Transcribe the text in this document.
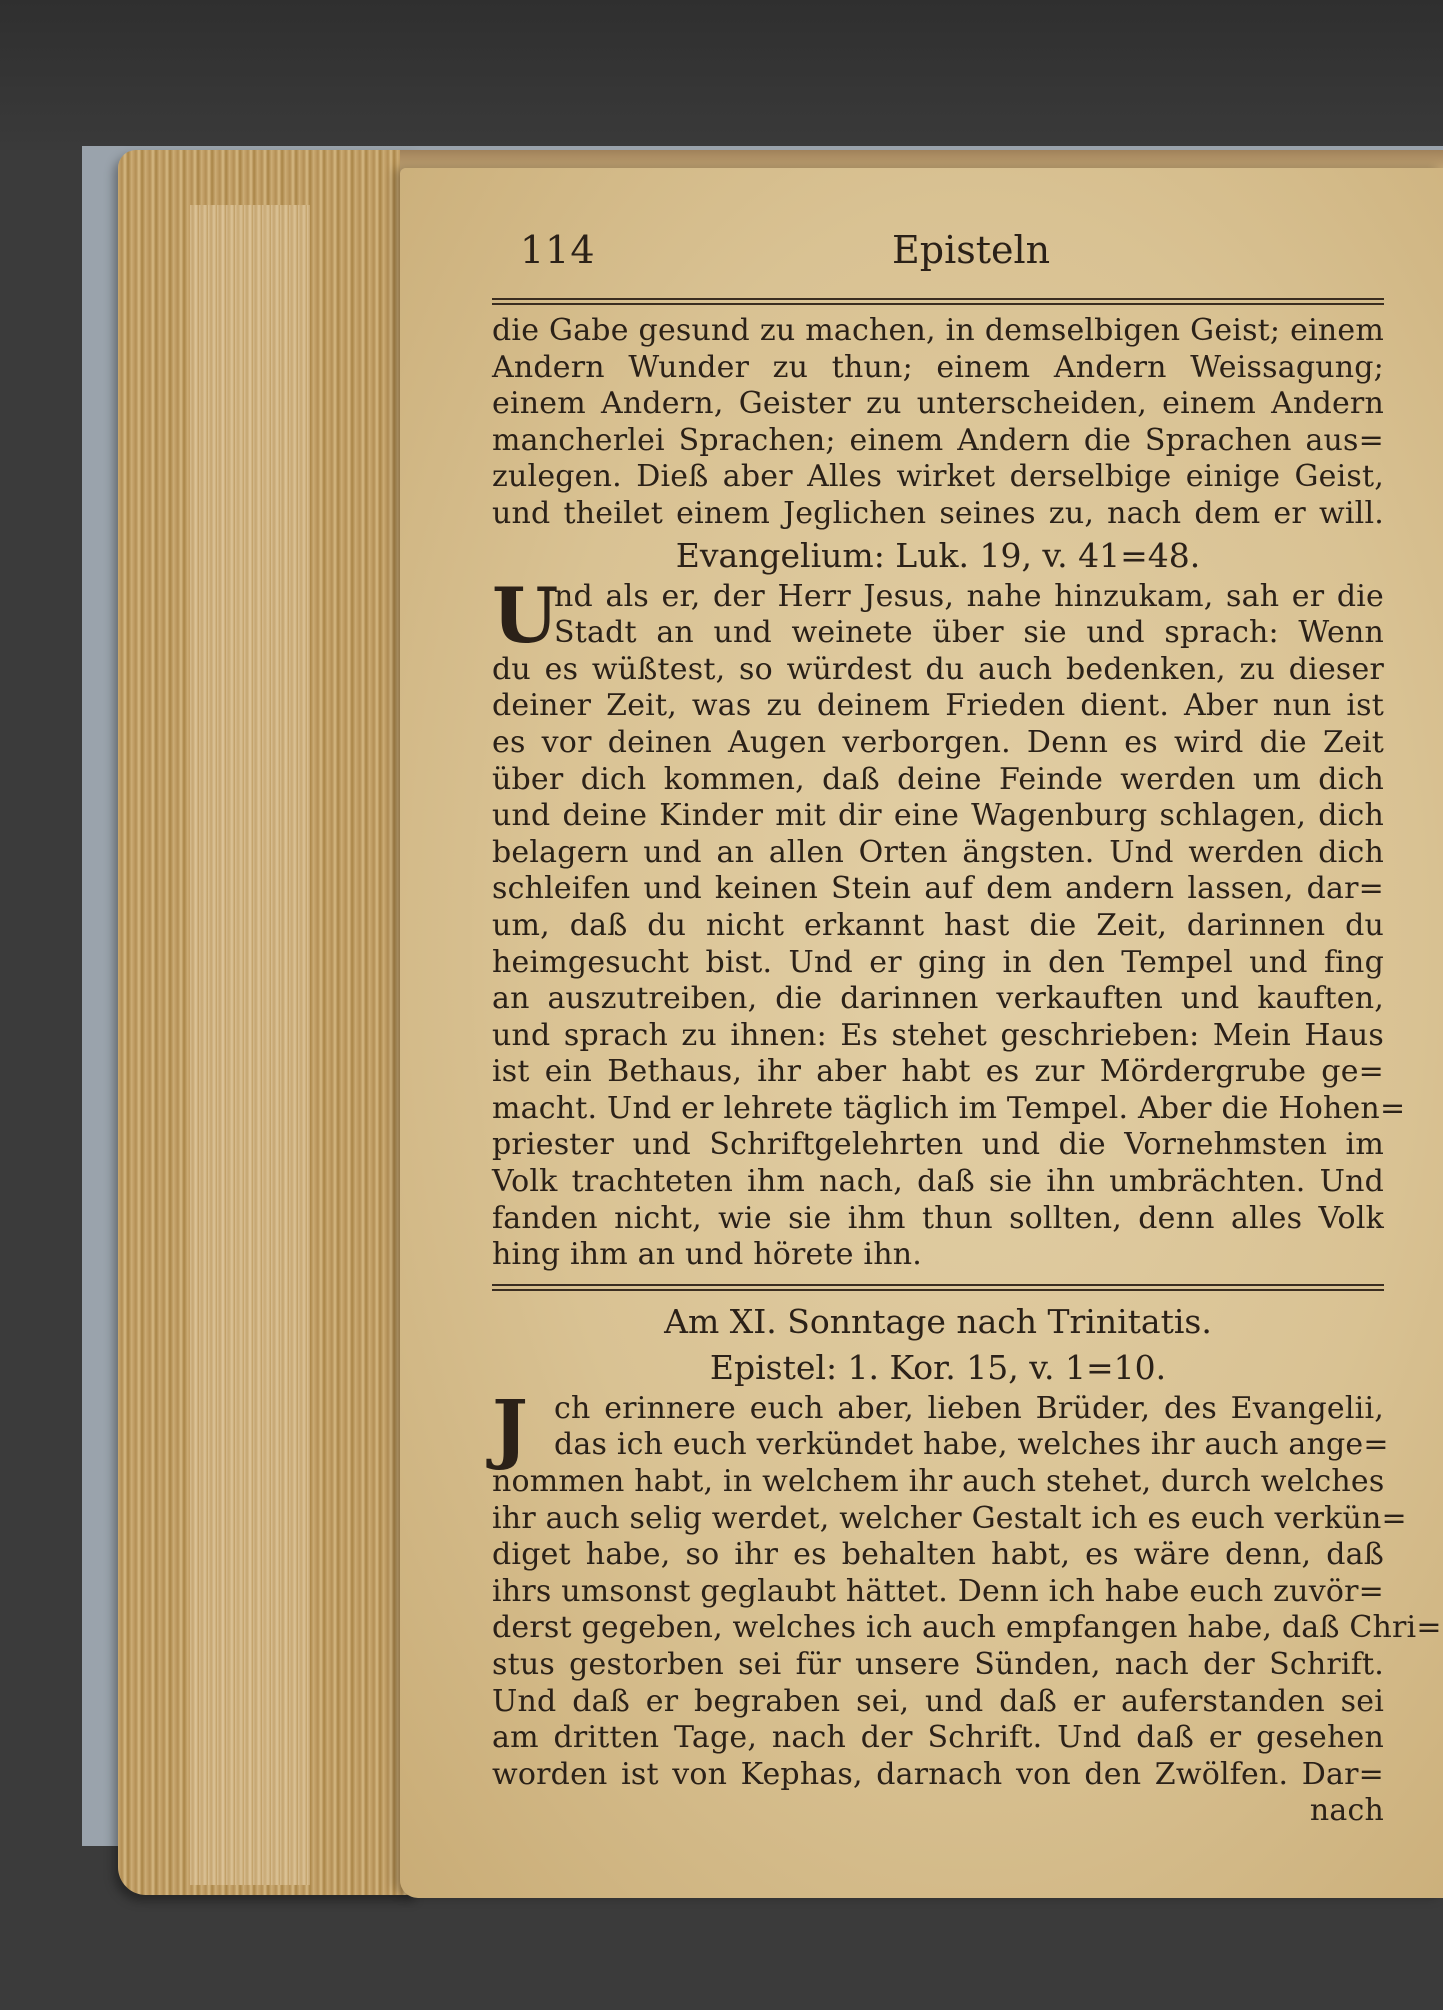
114	Episteln
die Gabe gesund zu machen, in demselbigen Geist; einem
Andern Wunder zu thun; einem Andern Weissagung;
einem Andern, Geister zu unterscheiden, einem Andern
mancherlei Sprachen; einem Andern die Sprachen aus=
zulegen. Dieß aber Alles wirket derselbige einige Geist,
und theilet einem Jeglichen seines zu, nach dem er will.
Evangelium: Luk. 19, v. 41=48.
U
nd als er, der Herr Jesus, nahe hinzukam, sah er die
Stadt an und weinete über sie und sprach: Wenn
du es wüßtest, so würdest du auch bedenken, zu dieser
deiner Zeit, was zu deinem Frieden dient. Aber nun ist
es vor deinen Augen verborgen. Denn es wird die Zeit
über dich kommen, daß deine Feinde werden um dich
und deine Kinder mit dir eine Wagenburg schlagen, dich
belagern und an allen Orten ängsten. Und werden dich
schleifen und keinen Stein auf dem andern lassen, dar=
um, daß du nicht erkannt hast die Zeit, darinnen du
heimgesucht bist. Und er ging in den Tempel und fing
an auszutreiben, die darinnen verkauften und kauften,
und sprach zu ihnen: Es stehet geschrieben: Mein Haus
ist ein Bethaus, ihr aber habt es zur Mördergrube ge=
macht. Und er lehrete täglich im Tempel. Aber die Hohen=
priester und Schriftgelehrten und die Vornehmsten im
Volk trachteten ihm nach, daß sie ihn umbrächten. Und
fanden nicht, wie sie ihm thun sollten, denn alles Volk
hing ihm an und hörete ihn.
Am XI. Sonntage nach Trinitatis.
Epistel: 1. Kor. 15, v. 1=10.
J ch erinnere euch aber, lieben Brüder, des Evangelii,
das ich euch verkündet habe, welches ihr auch ange=
nommen habt, in welchem ihr auch stehet, durch welches
ihr auch selig werdet, welcher Gestalt ich es euch verkün=
diget habe, so ihr es behalten habt, es wäre denn, daß
ihrs umsonst geglaubt hättet. Denn ich habe euch zuvör=
derst gegeben, welches ich auch empfangen habe, daß Chri=
stus gestorben sei für unsere Sünden, nach der Schrift.
Und daß er begraben sei, und daß er auferstanden sei
am dritten Tage, nach der Schrift. Und daß er gesehen
worden ist von Kephas, darnach von den Zwölfen. Dar=
nach
